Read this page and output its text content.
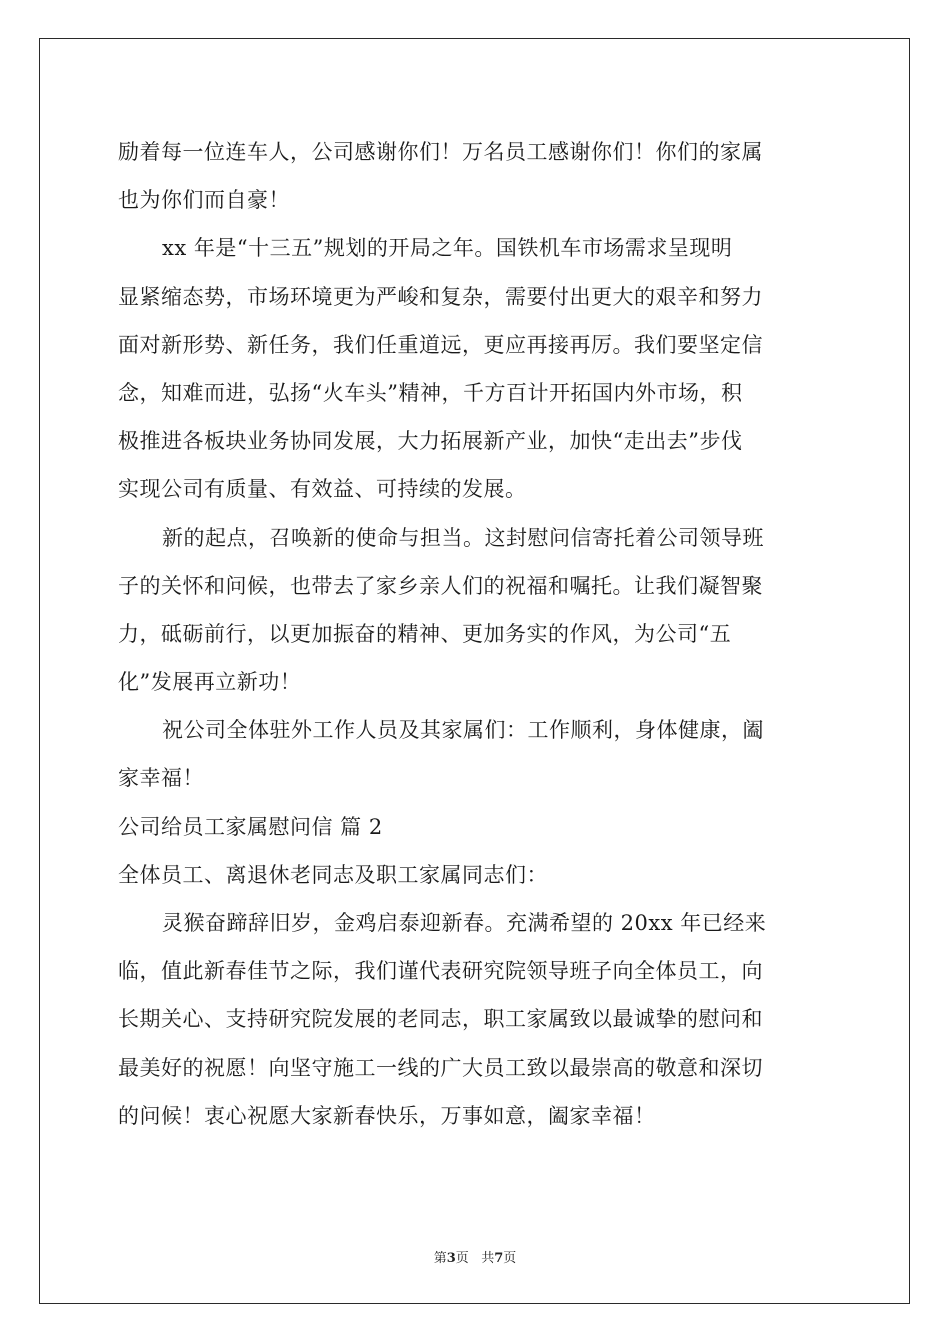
励着每一位连车人，公司感谢你们！万名员工感谢你们！你们的家属
也为你们而自豪！
xx 年是“十三五”规划的开局之年。国铁机车市场需求呈现明
显紧缩态势，市场环境更为严峻和复杂，需要付出更大的艰辛和努力
面对新形势、新任务，我们任重道远，更应再接再厉。我们要坚定信
念，知难而进，弘扬“火车头”精神，千方百计开拓国内外市场，积
极推进各板块业务协同发展，大力拓展新产业，加快“走出去”步伐
实现公司有质量、有效益、可持续的发展。
新的起点，召唤新的使命与担当。这封慰问信寄托着公司领导班
子的关怀和问候，也带去了家乡亲人们的祝福和嘱托。让我们凝智聚
力，砥砺前行，以更加振奋的精神、更加务实的作风，为公司“五
化”发展再立新功！
祝公司全体驻外工作人员及其家属们：工作顺利，身体健康，阖
家幸福！
公司给员工家属慰问信 篇 2
全体员工、离退休老同志及职工家属同志们：
灵猴奋蹄辞旧岁，金鸡启泰迎新春。充满希望的 20xx 年已经来
临，值此新春佳节之际，我们谨代表研究院领导班子向全体员工，向
长期关心、支持研究院发展的老同志，职工家属致以最诚挚的慰问和
最美好的祝愿！向坚守施工一线的广大员工致以最崇高的敬意和深切
的问候！衷心祝愿大家新春快乐，万事如意，阖家幸福！
第3页 共7页
